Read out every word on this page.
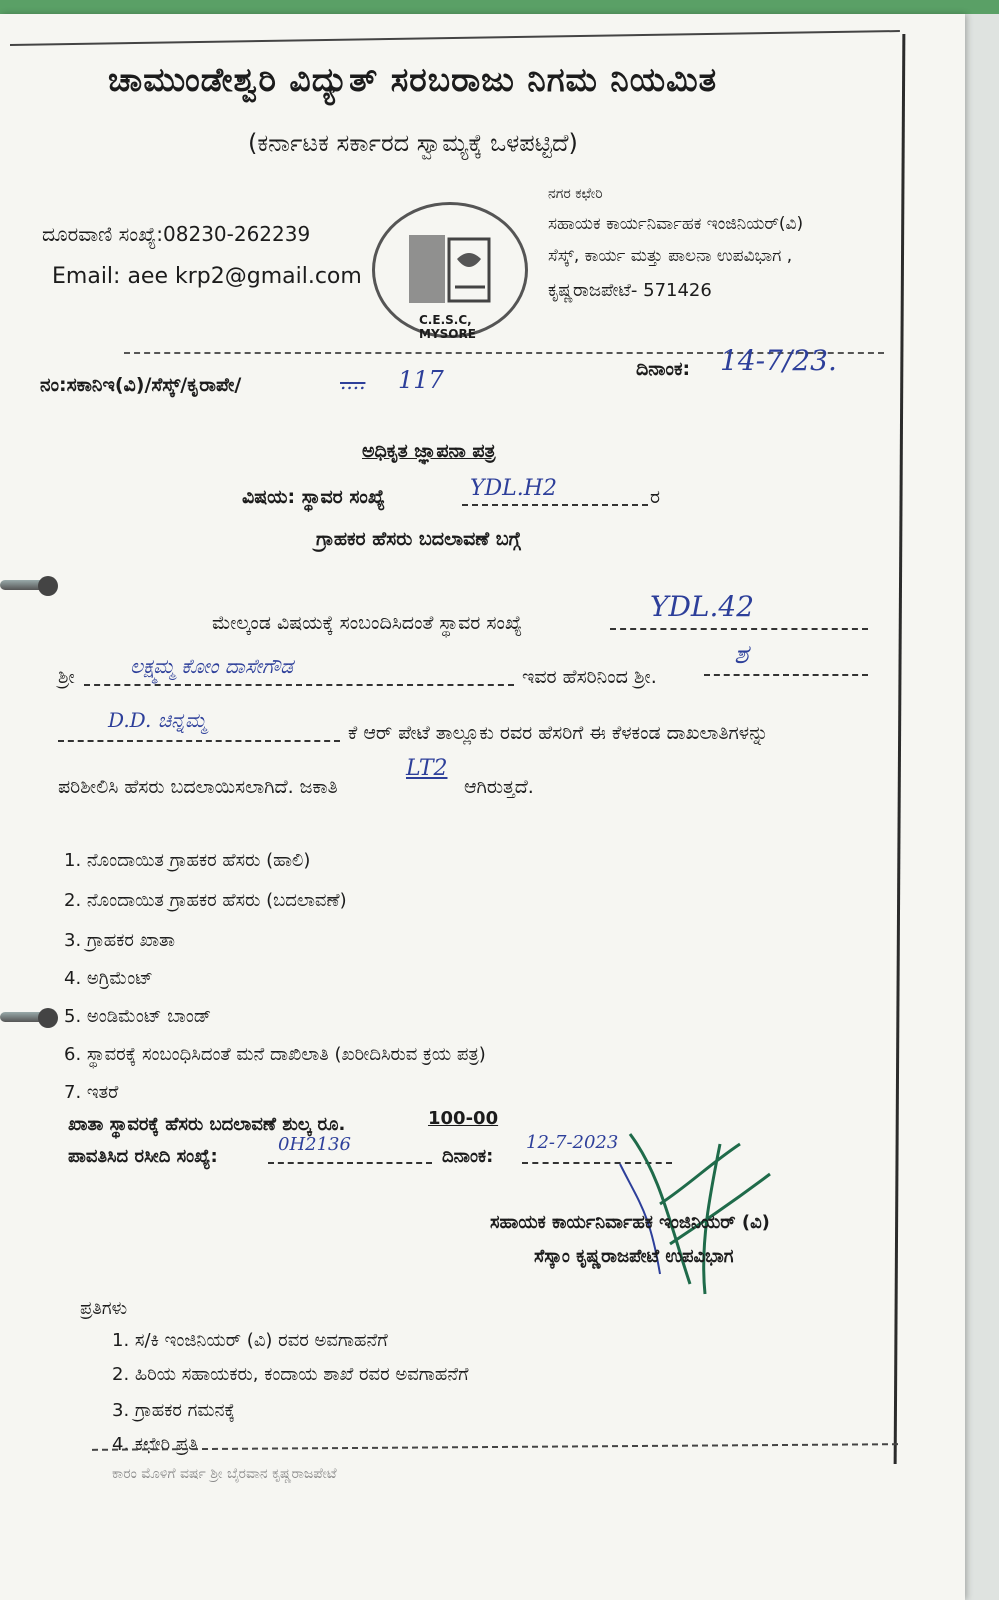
ಚಾಮುಂಡೇಶ್ವರಿ ವಿದ್ಯುತ್ ಸರಬರಾಜು ನಿಗಮ ನಿಯಮಿತ
(ಕರ್ನಾಟಕ ಸರ್ಕಾರದ ಸ್ವಾಮ್ಯಕ್ಕೆ ಒಳಪಟ್ಟಿದೆ)
ದೂರವಾಣಿ ಸಂಖ್ಯೆ:08230-262239
Email: aee krp2@gmail.com
C.E.S.C, MYSORE
ನಗರ ಕಛೇರಿ
ಸಹಾಯಕ ಕಾರ್ಯನಿರ್ವಾಹಕ ಇಂಜಿನಿಯರ್(ವಿ)
ಸೆಸ್ಕ್, ಕಾರ್ಯ ಮತ್ತು ಪಾಲನಾ ಉಪವಿಭಾಗ ,
ಕೃಷ್ಣರಾಜಪೇಟೆ- 571426
ನಂ:ಸಕಾನಿಇ(ವಿ)/ಸೆಸ್ಕ್/ಕೃರಾಪೇ/	.... 117	ದಿನಾಂಕ: 14-7/23.
ಅಧಿಕೃತ ಜ್ಞಾಪನಾ ಪತ್ರ
ವಿಷಯ: ಸ್ಥಾವರ ಸಂಖ್ಯೆ	YDL.H2	ರ
ಗ್ರಾಹಕರ ಹೆಸರು ಬದಲಾವಣೆ ಬಗ್ಗೆ
ಮೇಲ್ಕಂಡ ವಿಷಯಕ್ಕೆ ಸಂಬಂದಿಸಿದಂತೆ ಸ್ಥಾವರ ಸಂಖ್ಯೆ	YDL.42
ಶ್ರೀ	ಲಕ್ಷ್ಮಮ್ಮ ಕೋಂ ದಾಸೇಗೌಡ	ಇವರ ಹೆಸರಿನಿಂದ ಶ್ರೀ.
ಶ
D.D. ಚಿನ್ನಮ್ಮ
ಕೆ ಆರ್ ಪೇಟೆ ತಾಲ್ಲೂಕು ರವರ ಹೆಸರಿಗೆ ಈ ಕೆಳಕಂಡ ದಾಖಲಾತಿಗಳನ್ನು
ಪರಿಶೀಲಿಸಿ ಹೆಸರು ಬದಲಾಯಿಸಲಾಗಿದೆ. ಜಕಾತಿ
LT2
ಆಗಿರುತ್ತದೆ.
1. ನೊಂದಾಯಿತ ಗ್ರಾಹಕರ ಹೆಸರು (ಹಾಲಿ)
2. ನೊಂದಾಯಿತ ಗ್ರಾಹಕರ ಹೆಸರು (ಬದಲಾವಣೆ)
3. ಗ್ರಾಹಕರ ಖಾತಾ
4. ಅಗ್ರಿಮೆಂಟ್
5. ಅಂಡಿಮೆಂಟ್ ಬಾಂಡ್
6. ಸ್ಥಾವರಕ್ಕೆ ಸಂಬಂಧಿಸಿದಂತೆ ಮನೆ ದಾಖಿಲಾತಿ (ಖರೀದಿಸಿರುವ ಕ್ರಯ ಪತ್ರ)
7. ಇತರೆ
ಖಾತಾ ಸ್ಥಾವರಕ್ಕೆ ಹೆಸರು ಬದಲಾವಣೆ ಶುಲ್ಕ ರೂ.	100-00
ಪಾವತಿಸಿದ ರಸೀದಿ ಸಂಖ್ಯೆ:
0H2136
ದಿನಾಂಕ:
12-7-2023
ಸಹಾಯಕ ಕಾರ್ಯನಿರ್ವಾಹಕ ಇಂಜಿನಿಯರ್ (ವಿ)
ಸೆಸ್ಕಾಂ ಕೃಷ್ಣರಾಜಪೇಟೆ ಉಪವಿಭಾಗ
ಪ್ರತಿಗಳು
1. ಸ/ಕಿ ಇಂಜಿನಿಯರ್ (ವಿ) ರವರ ಅವಗಾಹನೆಗೆ
2. ಹಿರಿಯ ಸಹಾಯಕರು, ಕಂದಾಯ ಶಾಖೆ ರವರ ಅವಗಾಹನೆಗೆ
3. ಗ್ರಾಹಕರ ಗಮನಕ್ಕೆ
4. ಕಛೇರಿ ಪ್ರತಿ
ಕಾರಂ ಮೊಳಿಗೆ ವರ್ಷ ಶ್ರೀ ಬೈರವಾನ ಕೃಷ್ಣರಾಜಪೇಟೆ
